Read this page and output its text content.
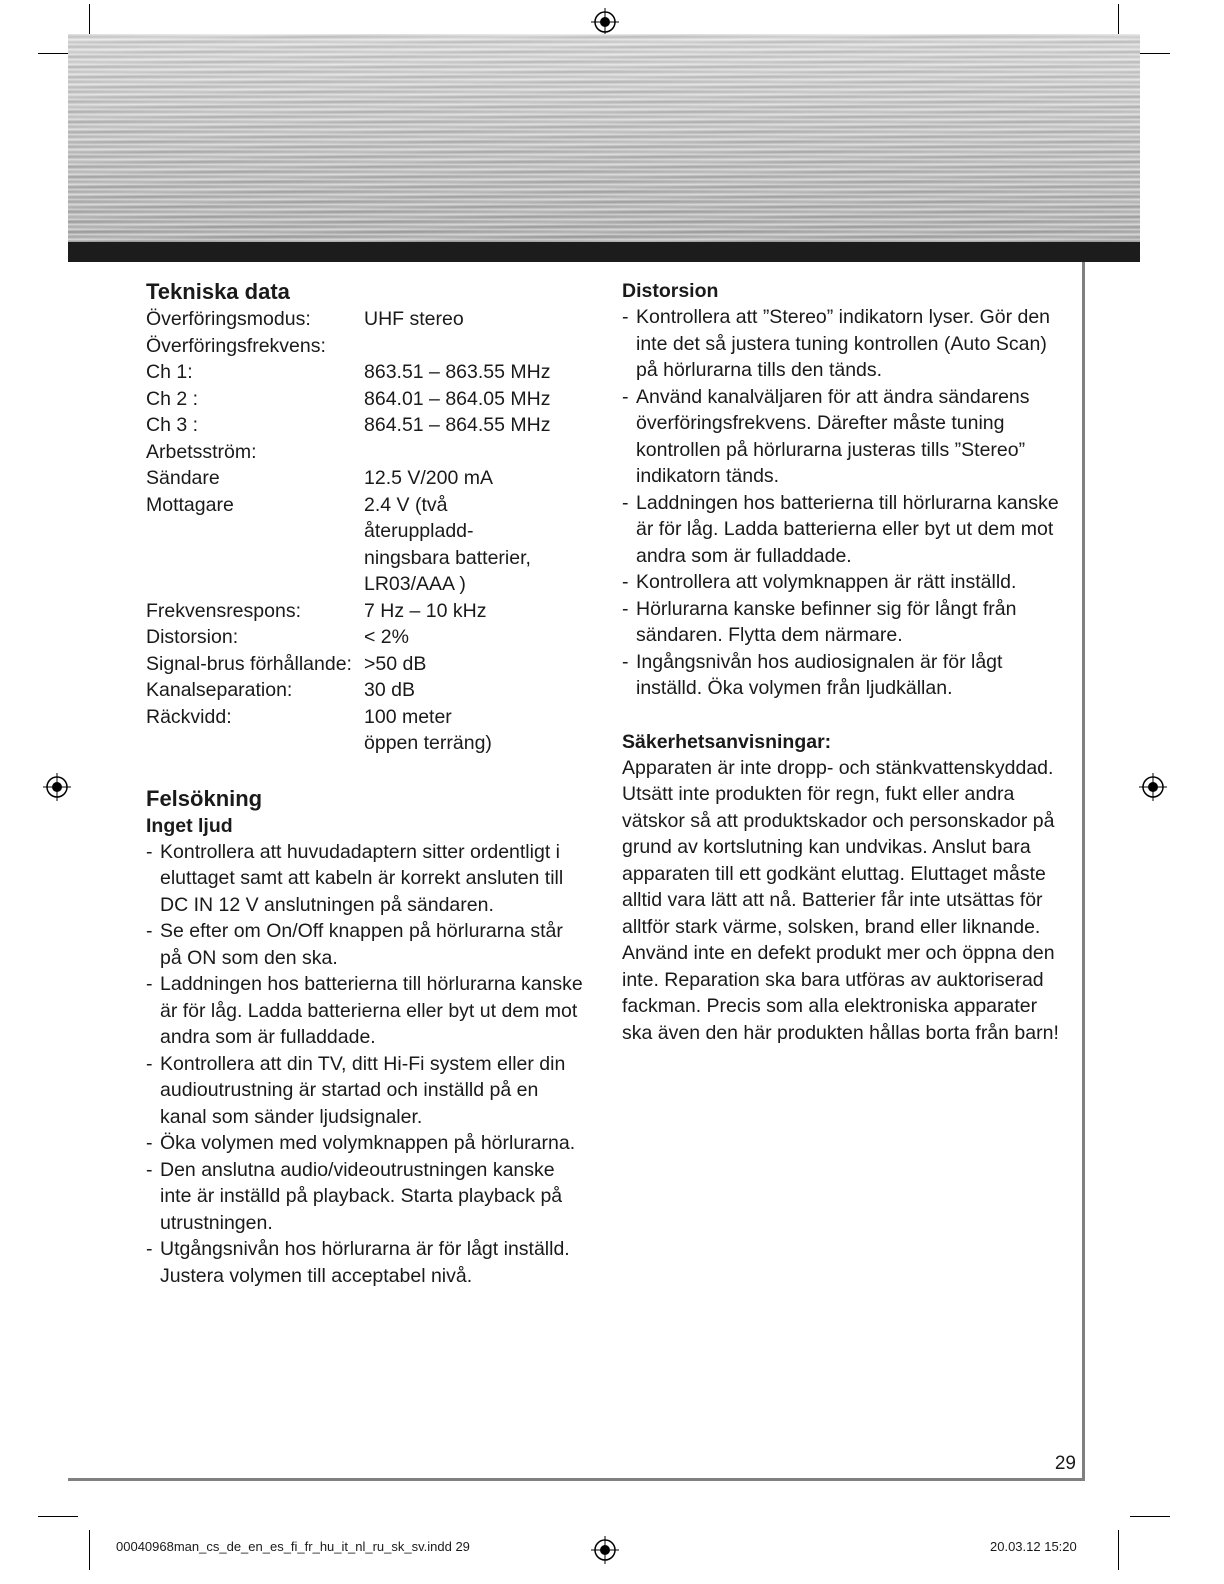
Tekniska data
Överföringsmodus:	UHF stereo
Överföringsfrekvens:
Ch 1:	863.51 – 863.55 MHz
Ch 2 :	864.01 – 864.05 MHz
Ch 3 :	864.51 – 864.55 MHz
Arbetsström:
Sändare	12.5 V/200 mA
Mottagare	2.4 V (två återuppladd-ningsbara batterier, LR03/AAA )
Frekvensrespons:	7 Hz – 10 kHz
Distorsion:	< 2%
Signal-brus förhållande: >50 dB
Kanalseparation:	30 dB
Räckvidd:	100 meter öppen terräng)
Felsökning
Inget ljud
- Kontrollera att huvudadaptern sitter ordentligt i eluttaget samt att kabeln är korrekt ansluten till DC IN 12 V anslutningen på sändaren.
- Se efter om On/Off knappen på hörlurarna står på ON som den ska.
- Laddningen hos batterierna till hörlurarna kanske är för låg. Ladda batterierna eller byt ut dem mot andra som är fulladdade.
- Kontrollera att din TV, ditt Hi-Fi system eller din audioutrustning är startad och inställd på en kanal som sänder ljudsignaler.
- Öka volymen med volymknappen på hörlurarna.
- Den anslutna audio/videoutrustningen kanske inte är inställd på playback. Starta playback på utrustningen.
- Utgångsnivån hos hörlurarna är för lågt inställd. Justera volymen till acceptabel nivå.
Distorsion
- Kontrollera att ”Stereo” indikatorn lyser. Gör den inte det så justera tuning kontrollen (Auto Scan) på hörlurarna tills den tänds.
- Använd kanalväljaren för att ändra sändarens överföringsfrekvens. Därefter måste tuning kontrollen på hörlurarna justeras tills ”Stereo” indikatorn tänds.
- Laddningen hos batterierna till hörlurarna kanske är för låg. Ladda batterierna eller byt ut dem mot andra som är fulladdade.
- Kontrollera att volymknappen är rätt inställd.
- Hörlurarna kanske befinner sig för långt från sändaren. Flytta dem närmare.
- Ingångsnivån hos audiosignalen är för lågt inställd. Öka volymen från ljudkällan.
Säkerhetsanvisningar:

Apparaten är inte dropp- och stänkvattenskyddad. Utsätt inte produkten för regn, fukt eller andra vätskor så att produktskador och personskador på grund av kortslutning kan undvikas. Anslut bara apparaten till ett godkänt eluttag. Eluttaget måste alltid vara lätt att nå. Batterier får inte utsättas för alltför stark värme, solsken, brand eller liknande. Använd inte en defekt produkt mer och öppna den inte. Reparation ska bara utföras av auktoriserad fackman. Precis som alla elektroniska apparater ska även den här produkten hållas borta från barn!

29
00040968man_cs_de_en_es_fi_fr_hu_it_nl_ru_sk_sv.indd 29	20.03.12 15:20
